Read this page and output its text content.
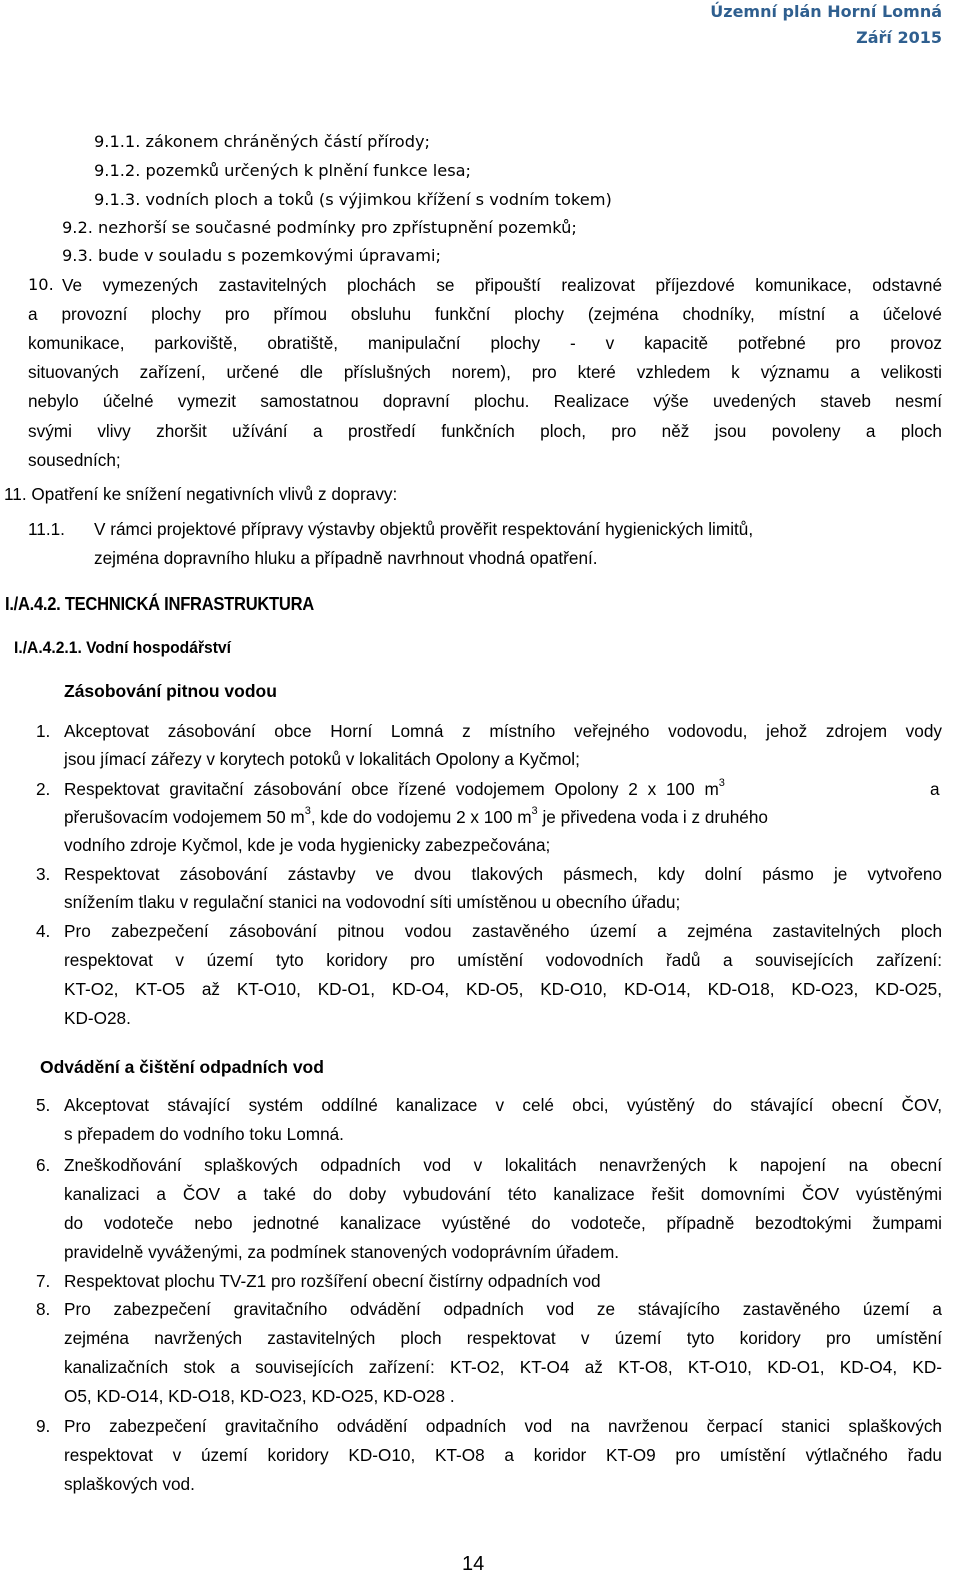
Územní plán Horní Lomná
Září 2015
9.1.1. zákonem chráněných částí přírody;
9.1.2. pozemků určených k plnění funkce lesa;
9.1.3. vodních ploch a toků (s výjimkou křížení s vodním tokem)
9.2. nezhorší se současné podmínky pro zpřístupnění pozemků;
9.3. bude v souladu s pozemkovými úpravami;
10. Ve vymezených zastavitelných plochách se připouští realizovat příjezdové komunikace, odstavné
a provozní plochy pro přímou obsluhu funkční plochy (zejména chodníky, místní a účelové
komunikace, parkoviště, obratiště, manipulační plochy - v kapacitě potřebné pro provoz
situovaných zařízení, určené dle příslušných norem), pro které vzhledem k významu a velikosti
nebylo účelné vymezit samostatnou dopravní plochu. Realizace výše uvedených staveb nesmí
svými vlivy zhoršit užívání a prostředí funkčních ploch, pro něž jsou povoleny a ploch
sousedních;
11. Opatření ke snížení negativních vlivů z dopravy:
11.1. V rámci projektové přípravy výstavby objektů prověřit respektování hygienických limitů,
zejména dopravního hluku a případně navrhnout vhodná opatření.
I./A.4.2. TECHNICKÁ INFRASTRUKTURA
I./A.4.2.1. Vodní hospodářství
Zásobování pitnou vodou
1. Akceptovat zásobování obce Horní Lomná z místního veřejného vodovodu, jehož zdrojem vody
jsou jímací zářezy v korytech potoků v lokalitách Opolony a Kyčmol;
2. Respektovat gravitační zásobování obce řízené vodojemem Opolony 2 x 100 $m^3$	a
přerušovacím vodojemem 50 $m^3$, kde do vodojemu 2 x 100 $m^3$ je přivedena voda i z druhého
vodního zdroje Kyčmol, kde je voda hygienicky zabezpečována;
3. Respektovat zásobování zástavby ve dvou tlakových pásmech, kdy dolní pásmo je vytvořeno
snížením tlaku v regulační stanici na vodovodní síti umístěnou u obecního úřadu;
4. Pro zabezpečení zásobování pitnou vodou zastavěného území a zejména zastavitelných ploch
respektovat v území tyto koridory pro umístění vodovodních řadů a souvisejících zařízení:
KT-O2, KT-O5 až KT-O10, KD-O1, KD-O4, KD-O5, KD-O10, KD-O14, KD-O18, KD-O23, KD-O25,
KD-O28.
Odvádění a čištění odpadních vod
5. Akceptovat stávající systém oddílné kanalizace v celé obci, vyústěný do stávající obecní ČOV,
s přepadem do vodního toku Lomná.
6. Zneškodňování splaškových odpadních vod v lokalitách nenavržených k napojení na obecní
kanalizaci a ČOV a také do doby vybudování této kanalizace řešit domovními ČOV vyústěnými
do vodoteče nebo jednotné kanalizace vyústěné do vodoteče, případně bezodtokými žumpami
pravidelně vyváženými, za podmínek stanovených vodoprávním úřadem.
7. Respektovat plochu TV-Z1 pro rozšíření obecní čistírny odpadních vod
8. Pro zabezpečení gravitačního odvádění odpadních vod ze stávajícího zastavěného území a
zejména navržených zastavitelných ploch respektovat v území tyto koridory pro umístění
kanalizačních stok a souvisejících zařízení: KT-O2, KT-O4 až KT-O8, KT-O10, KD-O1, KD-O4, KD-
O5, KD-O14, KD-O18, KD-O23, KD-O25, KD-O28 .
9. Pro zabezpečení gravitačního odvádění odpadních vod na navrženou čerpací stanici splaškových
respektovat v území koridory KD-O10, KT-O8 a koridor KT-O9 pro umístění výtlačného řadu
splaškových vod.
14
